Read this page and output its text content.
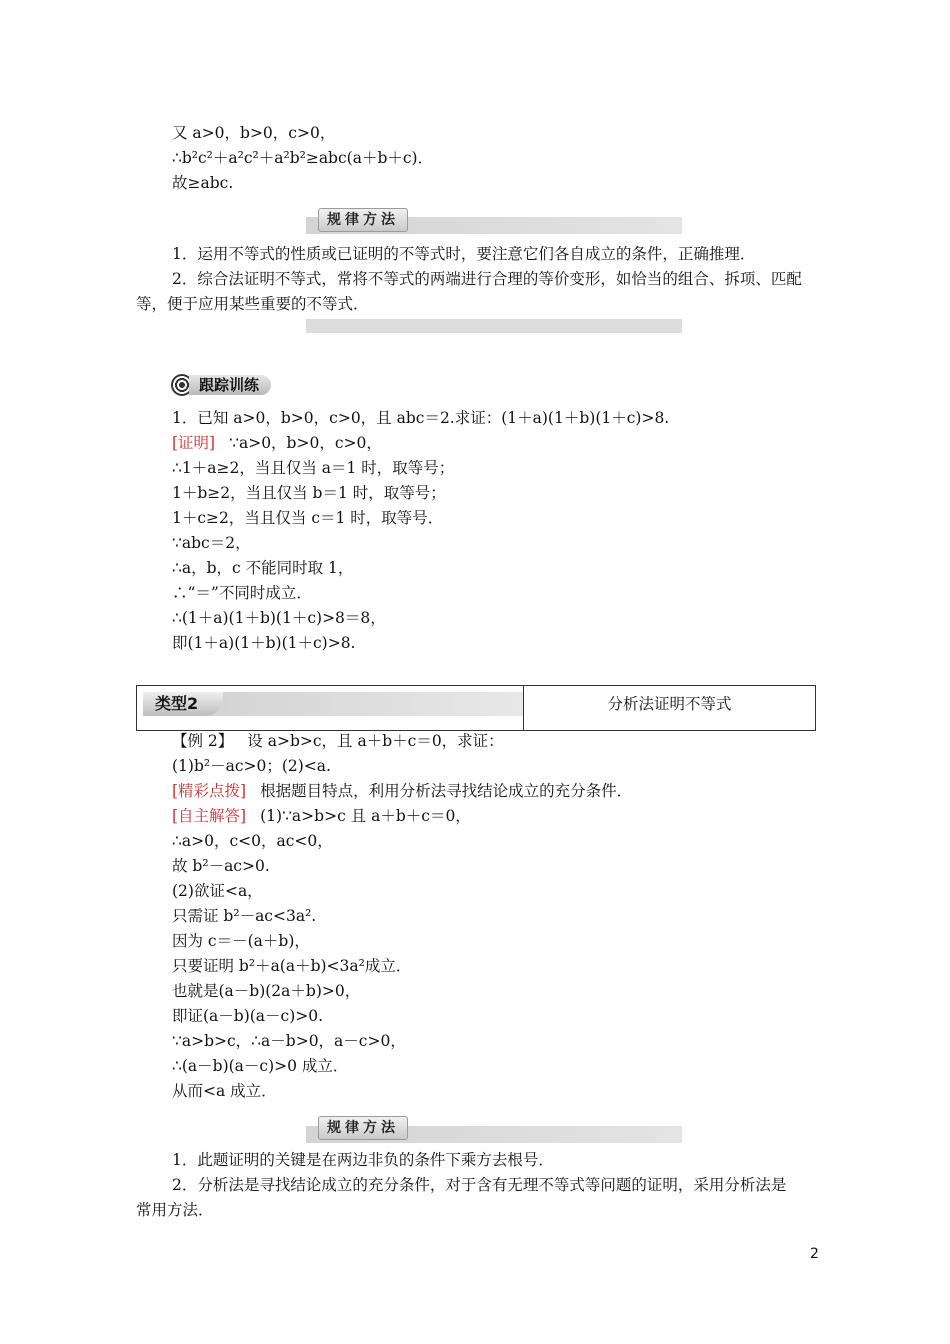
又 a>0，b>0，c>0，
∴b²c²＋a²c²＋a²b²≥abc(a＋b＋c)．
故≥abc.
规律方法
1．运用不等式的性质或已证明的不等式时，要注意它们各自成立的条件，正确推理．
2．综合法证明不等式，常将不等式的两端进行合理的等价变形，如恰当的组合、拆项、匹配
等，便于应用某些重要的不等式．
跟踪训练
1．已知 a>0，b>0，c>0，且 abc＝2.求证：(1＋a)(1＋b)(1＋c)>8.
[证明] ∵a>0，b>0，c>0，
∴1＋a≥2，当且仅当 a＝1 时，取等号；
1＋b≥2，当且仅当 b＝1 时，取等号；
1＋c≥2，当且仅当 c＝1 时，取等号．
∵abc＝2，
∴a，b，c 不能同时取 1，
∴“＝”不同时成立．
∴(1＋a)(1＋b)(1＋c)>8＝8，
即(1＋a)(1＋b)(1＋c)>8.
类型2	分析法证明不等式
【例 2】 设 a>b>c，且 a＋b＋c＝0，求证：
(1)b²－ac>0；(2)<a.
[精彩点拨] 根据题目特点，利用分析法寻找结论成立的充分条件．
[自主解答] (1)∵a>b>c 且 a＋b＋c＝0，
∴a>0，c<0，ac<0，
故 b²－ac>0.
(2)欲证<a，
只需证 b²－ac<3a².
因为 c＝－(a＋b)，
只要证明 b²＋a(a＋b)<3a²成立．
也就是(a－b)(2a＋b)>0，
即证(a－b)(a－c)>0.
∵a>b>c，∴a－b>0，a－c>0，
∴(a－b)(a－c)>0 成立．
从而<a 成立．
规律方法
1．此题证明的关键是在两边非负的条件下乘方去根号．
2．分析法是寻找结论成立的充分条件，对于含有无理不等式等问题的证明，采用分析法是
常用方法．
2
